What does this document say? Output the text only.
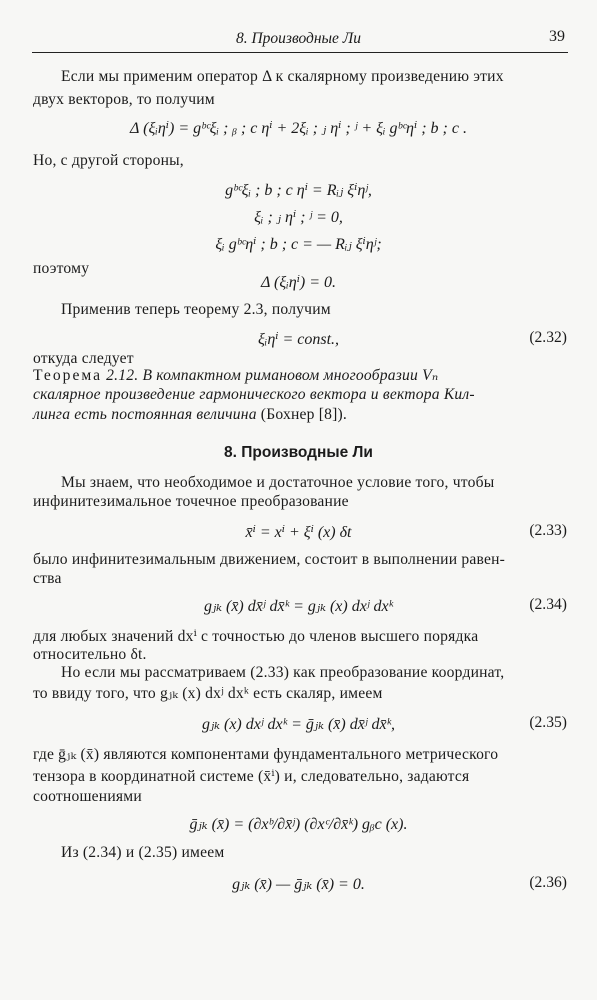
8. Производные Ли	39
Если мы применим оператор Δ к скалярному произведению этих
двух векторов, то получим
Δ (ξᵢηⁱ) = gᵇᶜξᵢ ; ᵦ ; c ηⁱ + 2ξᵢ ; ⱼ ηⁱ ; ʲ + ξᵢ gᵇᶜηⁱ ; b ; c .
Но, с другой стороны,
gᵇᶜξᵢ ; b ; c ηⁱ = Rᵢⱼ ξⁱηʲ,
ξᵢ ; ⱼ ηⁱ ; ʲ = 0,
ξᵢ gᵇᶜηⁱ ; b ; c = — Rᵢⱼ ξⁱηʲ;
поэтому
Δ (ξᵢηⁱ) = 0.
Применив теперь теорему 2.3, получим
ξᵢηⁱ = const.,	(2.32)
откуда следует
Теорема 2.12. В компактном римановом многообразии Vₙ
скалярное произведение гармонического вектора и вектора Кил-
линга есть постоянная величина (Бохнер [8]).
8. Производные Ли
Мы знаем, что необходимое и достаточное условие того, чтобы
инфинитезимальное точечное преобразование
x̄ⁱ = xⁱ + ξⁱ (x) δt	(2.33)
было инфинитезимальным движением, состоит в выполнении равен-
ства
gⱼₖ (x̄) dx̄ʲ dx̄ᵏ = gⱼₖ (x) dxʲ dxᵏ	(2.34)
для любых значений dxⁱ с точностью до членов высшего порядка
относительно δt.
Но если мы рассматриваем (2.33) как преобразование координат,
то ввиду того, что gⱼₖ (x) dxʲ dxᵏ есть скаляр, имеем
gⱼₖ (x) dxʲ dxᵏ = ḡⱼₖ (x̄) dx̄ʲ dx̄ᵏ,	(2.35)
где ḡⱼₖ (x̄) являются компонентами фундаментального метрического
тензора в координатной системе (x̄ⁱ) и, следовательно, задаются
соотношениями
ḡⱼₖ (x̄) = (∂xᵇ/∂x̄ʲ) (∂xᶜ/∂x̄ᵏ) gᵦc (x).
Из (2.34) и (2.35) имеем
gⱼₖ (x̄) — ḡⱼₖ (x̄) = 0.	(2.36)
